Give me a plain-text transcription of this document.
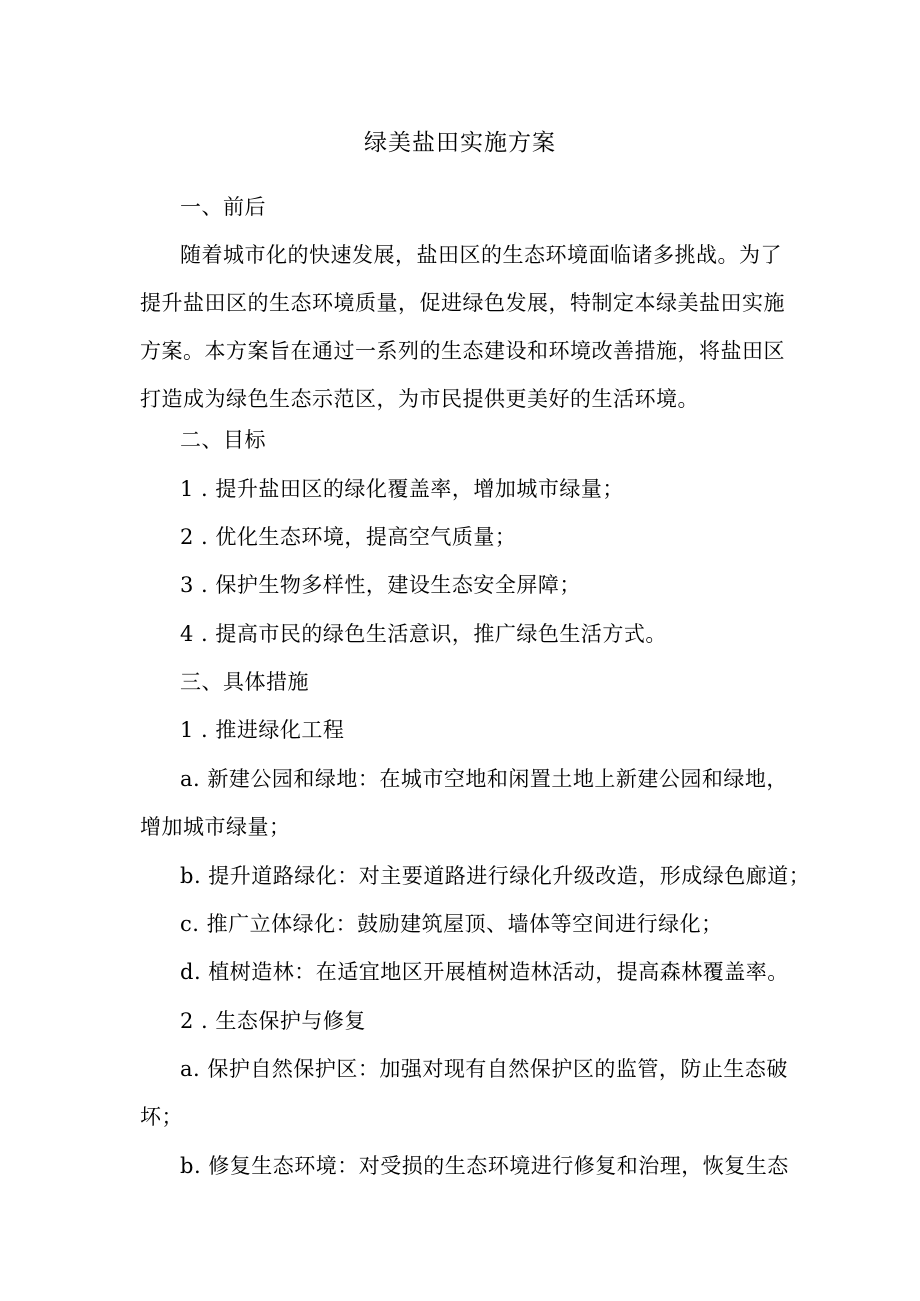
绿美盐田实施方案

一、前后

随着城市化的快速发展，盐田区的生态环境面临诸多挑战。为了
提升盐田区的生态环境质量，促进绿色发展，特制定本绿美盐田实施
方案。本方案旨在通过一系列的生态建设和环境改善措施，将盐田区
打造成为绿色生态示范区，为市民提供更美好的生活环境。

二、目标

1 . 提升盐田区的绿化覆盖率，增加城市绿量；

2 . 优化生态环境，提高空气质量；

3 . 保护生物多样性，建设生态安全屏障；

4 . 提高市民的绿色生活意识，推广绿色生活方式。

三、具体措施

1 . 推进绿化工程

a. 新建公园和绿地：在城市空地和闲置土地上新建公园和绿地，
增加城市绿量；

b. 提升道路绿化：对主要道路进行绿化升级改造，形成绿色廊道；

c. 推广立体绿化：鼓励建筑屋顶、墙体等空间进行绿化；

d. 植树造林：在适宜地区开展植树造林活动，提高森林覆盖率。

2 . 生态保护与修复

a. 保护自然保护区：加强对现有自然保护区的监管，防止生态破
坏；

b. 修复生态环境：对受损的生态环境进行修复和治理，恢复生态
